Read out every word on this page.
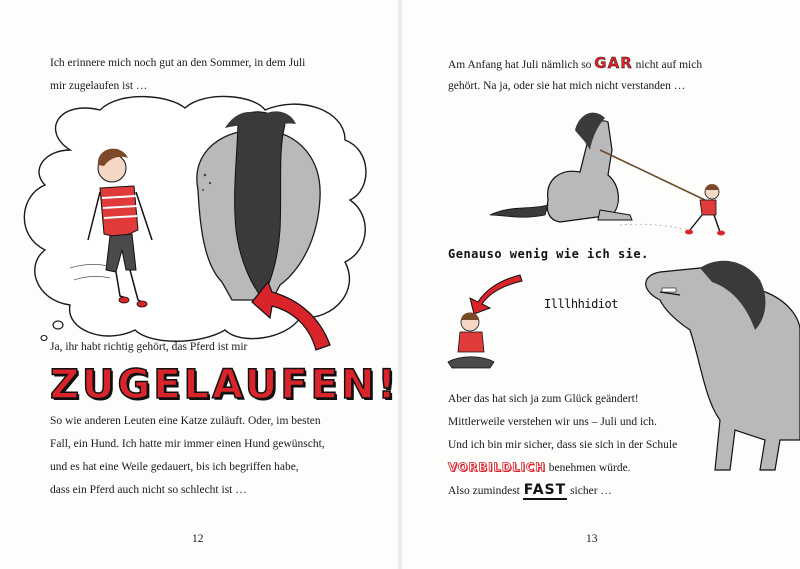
Ich erinnere mich noch gut an den Sommer, in dem Juli
mir zugelaufen ist …
Ja, ihr habt richtig gehört, das Pferd ist mir
ZUGELAUFEN!
So wie anderen Leuten eine Katze zuläuft. Oder, im besten
Fall, ein Hund. Ich hatte mir immer einen Hund gewünscht,
und es hat eine Weile gedauert, bis ich begriffen habe,
dass ein Pferd auch nicht so schlecht ist …
12
Am Anfang hat Juli nämlich so GAR nicht auf mich
gehört. Na ja, oder sie hat mich nicht verstanden …
Genauso wenig wie ich sie.
Illlhhidiot
Aber das hat sich ja zum Glück geändert!
Mittlerweile verstehen wir uns – Juli und ich.
Und ich bin mir sicher, dass sie sich in der Schule
VORBILDLICH benehmen würde.
Also zumindest FAST sicher …
13
